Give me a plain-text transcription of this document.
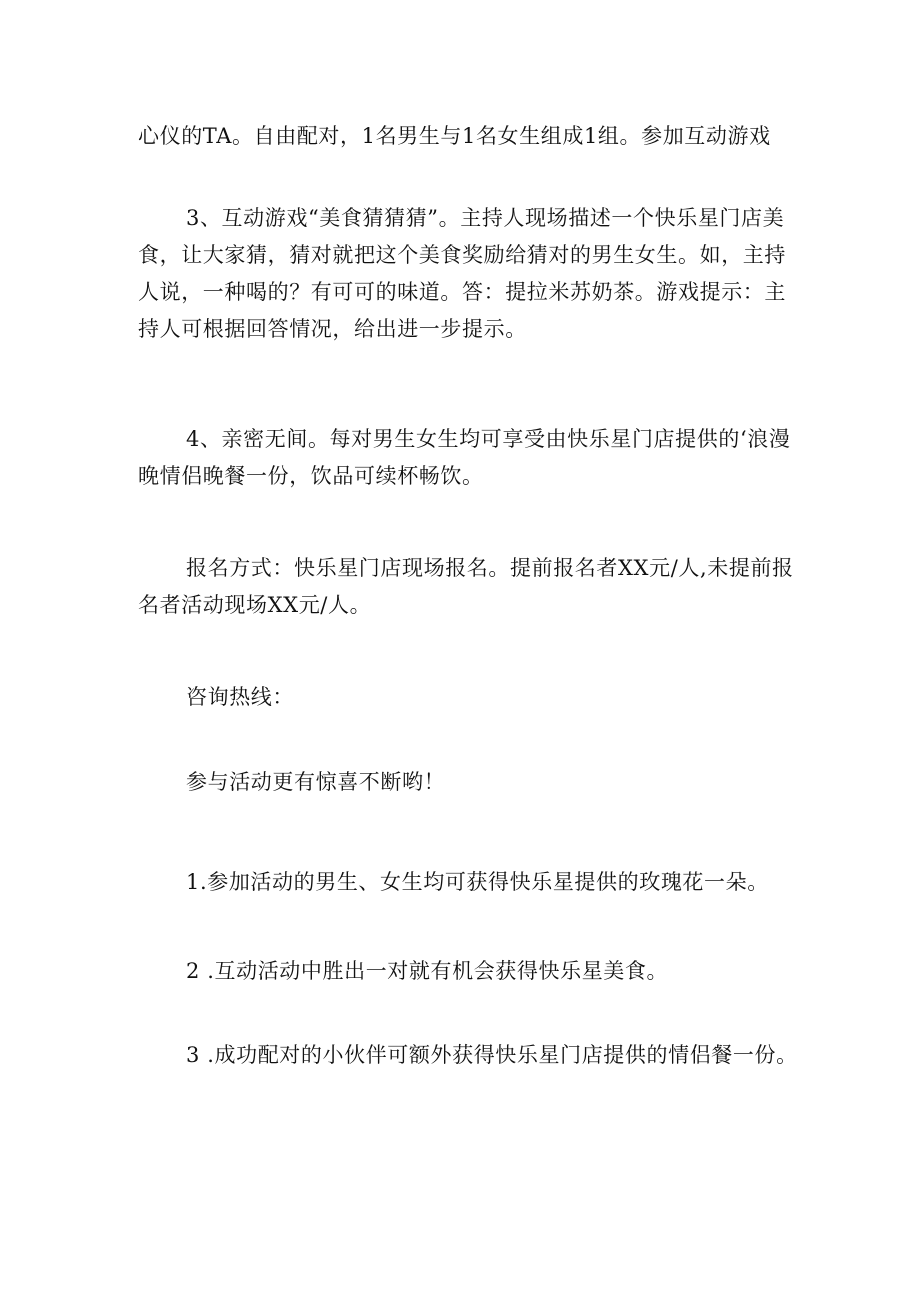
心仪的TA。自由配对，1名男生与1名女生组成1组。参加互动游戏

3、互动游戏“美食猜猜猜”。主持人现场描述一个快乐星门店美食，让大家猜，猜对就把这个美食奖励给猜对的男生女生。如，主持人说，一种喝的？有可可的味道。答：提拉米苏奶茶。游戏提示：主持人可根据回答情况，给出进一步提示。

4、亲密无间。每对男生女生均可享受由快乐星门店提供的‘浪漫晚情侣晚餐一份，饮品可续杯畅饮。

报名方式：快乐星门店现场报名。提前报名者XX元/人,未提前报名者活动现场XX元/人。

咨询热线：

参与活动更有惊喜不断哟！

1.参加活动的男生、女生均可获得快乐星提供的玫瑰花一朵。

2 .互动活动中胜出一对就有机会获得快乐星美食。

3 .成功配对的小伙伴可额外获得快乐星门店提供的情侣餐一份。
